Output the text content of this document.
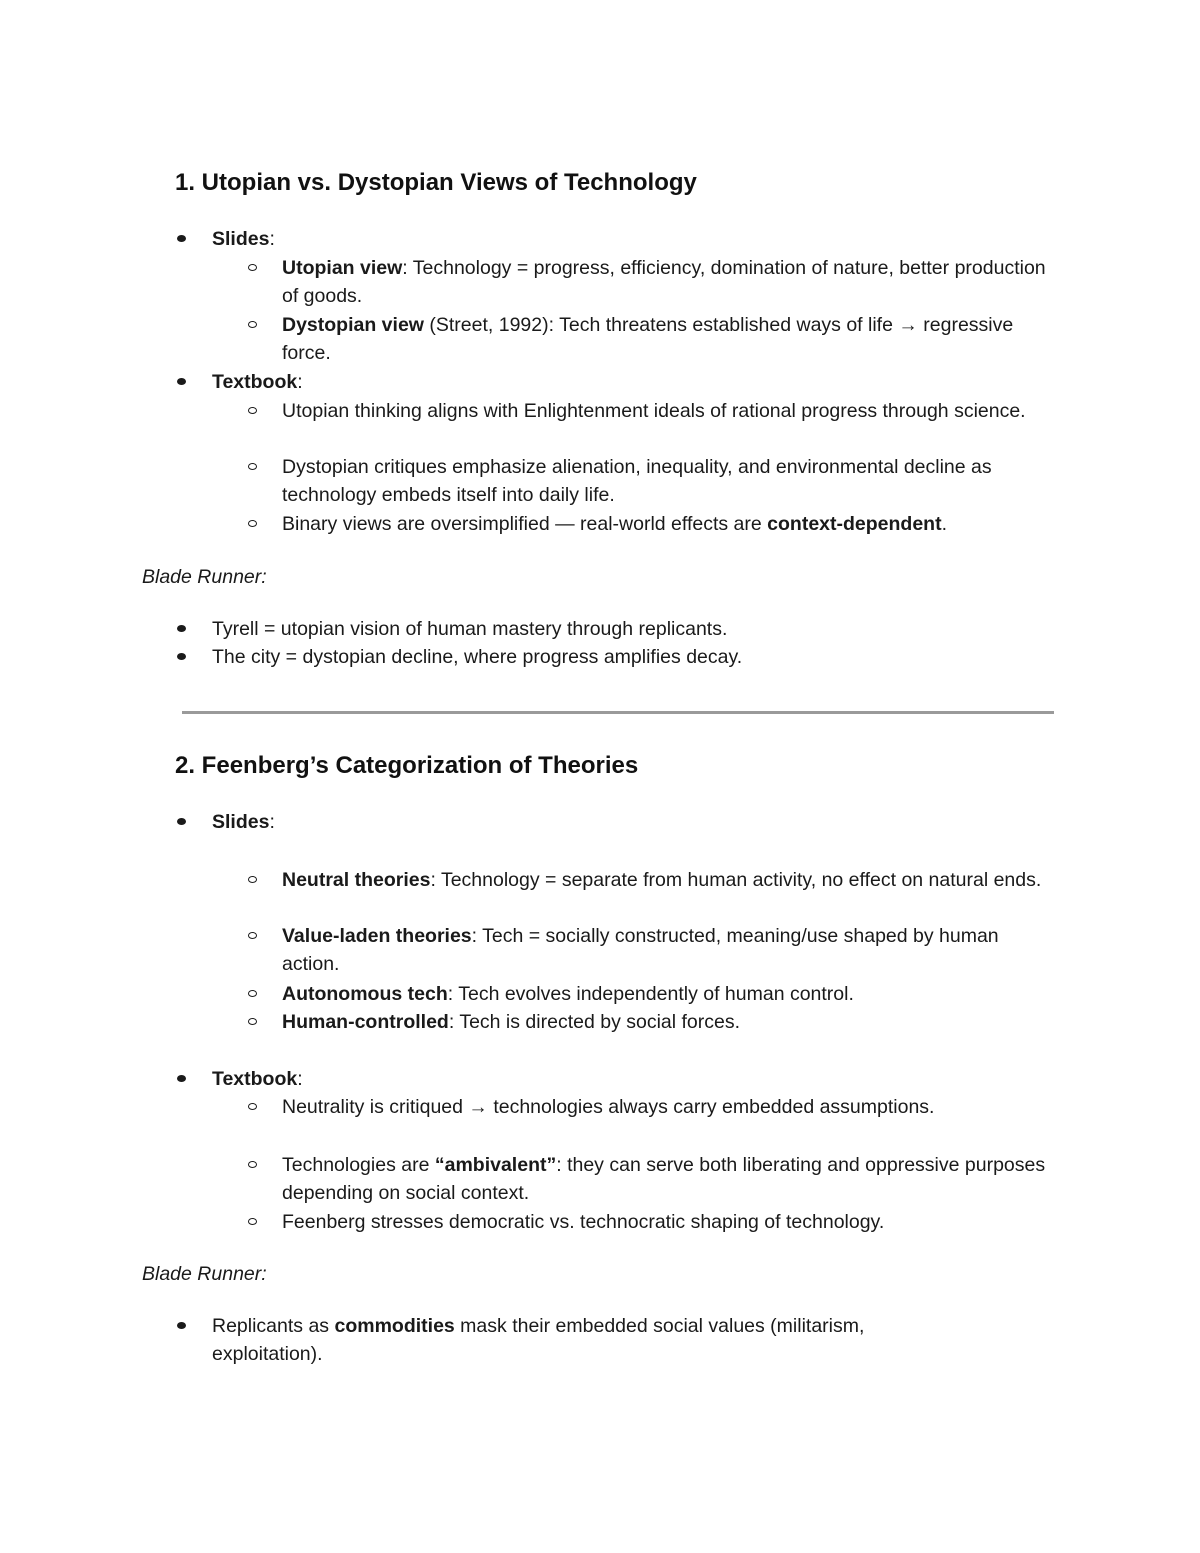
1. Utopian vs. Dystopian Views of Technology
Slides:
Utopian view: Technology = progress, efficiency, domination of nature, better production of goods.
Dystopian view (Street, 1992): Tech threatens established ways of life → regressive force.
Textbook:
Utopian thinking aligns with Enlightenment ideals of rational progress through science.
Dystopian critiques emphasize alienation, inequality, and environmental decline as technology embeds itself into daily life.
Binary views are oversimplified — real-world effects are context-dependent.
Blade Runner:
Tyrell = utopian vision of human mastery through replicants.
The city = dystopian decline, where progress amplifies decay.
2. Feenberg’s Categorization of Theories
Slides:
Neutral theories: Technology = separate from human activity, no effect on natural ends.
Value-laden theories: Tech = socially constructed, meaning/use shaped by human action.
Autonomous tech: Tech evolves independently of human control.
Human-controlled: Tech is directed by social forces.
Textbook:
Neutrality is critiqued → technologies always carry embedded assumptions.
Technologies are “ambivalent”: they can serve both liberating and oppressive purposes depending on social context.
Feenberg stresses democratic vs. technocratic shaping of technology.
Blade Runner:
Replicants as commodities mask their embedded social values (militarism, exploitation).
